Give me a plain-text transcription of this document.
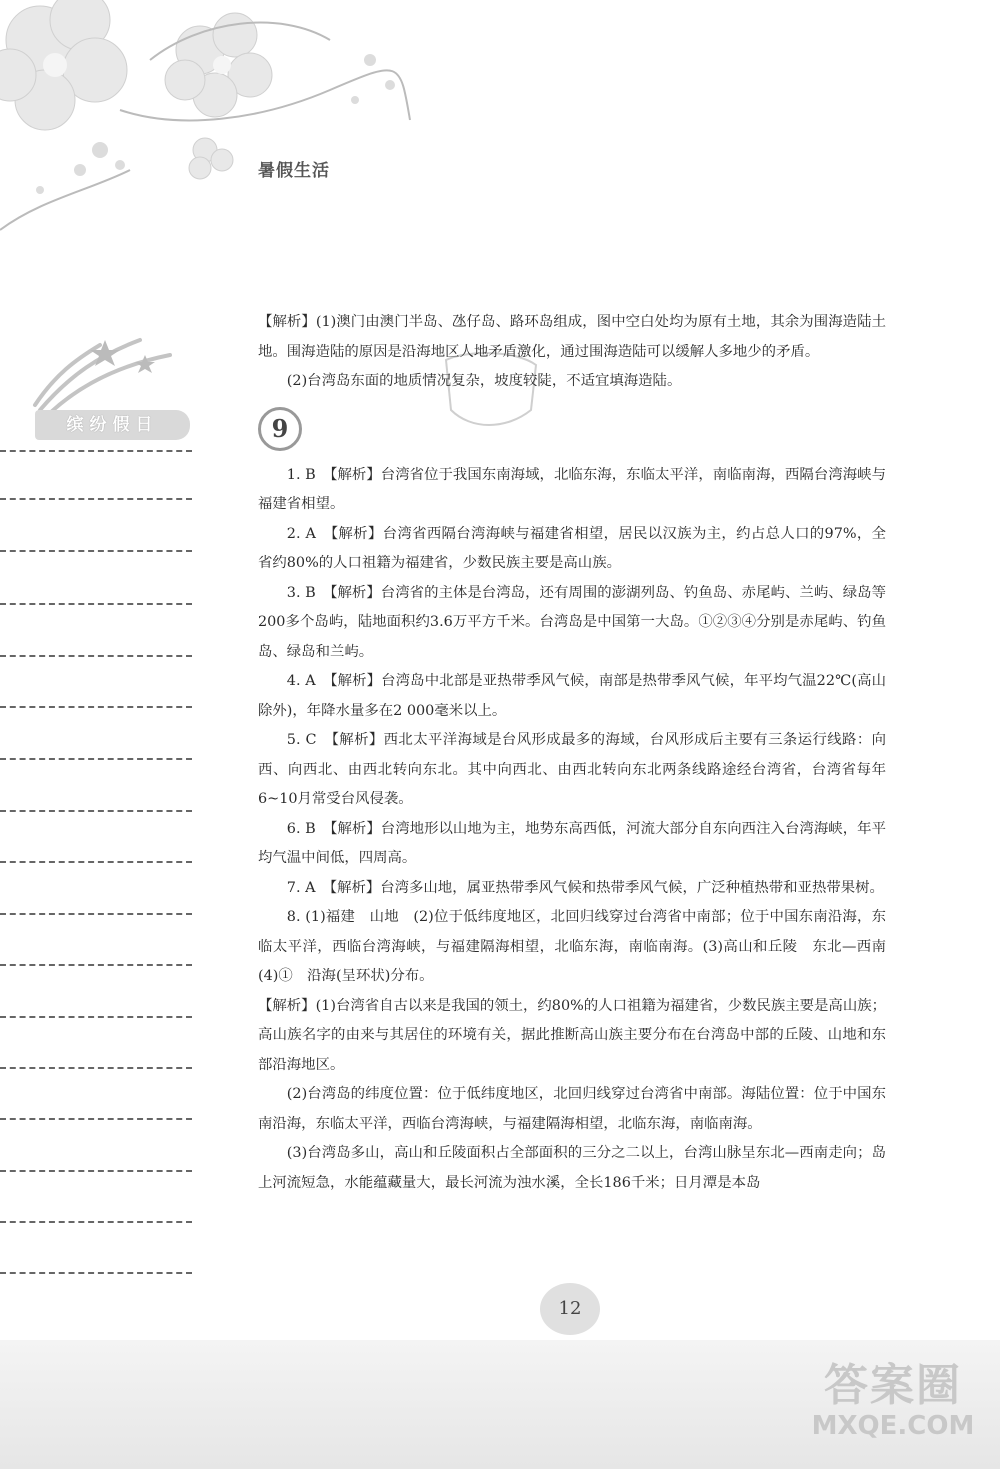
暑假生活
缤纷假日

【解析】(1)澳门由澳门半岛、氹仔岛、路环岛组成，图中空白处均为原有土地，其余为围海造陆土地。围海造陆的原因是沿海地区人地矛盾激化，通过围海造陆可以缓解人多地少的矛盾。

(2)台湾岛东面的地质情况复杂，坡度较陡，不适宜填海造陆。

9

1. B　【解析】台湾省位于我国东南海域，北临东海，东临太平洋，南临南海，西隔台湾海峡与福建省相望。

2. A　【解析】台湾省西隔台湾海峡与福建省相望，居民以汉族为主，约占总人口的97%，全省约80%的人口祖籍为福建省，少数民族主要是高山族。

3. B　【解析】台湾省的主体是台湾岛，还有周围的澎湖列岛、钓鱼岛、赤尾屿、兰屿、绿岛等200多个岛屿，陆地面积约3.6万平方千米。台湾岛是中国第一大岛。①②③④分别是赤尾屿、钓鱼岛、绿岛和兰屿。

4. A　【解析】台湾岛中北部是亚热带季风气候，南部是热带季风气候，年平均气温22℃(高山除外)，年降水量多在2 000毫米以上。

5. C　【解析】西北太平洋海域是台风形成最多的海域，台风形成后主要有三条运行线路：向西、向西北、由西北转向东北。其中向西北、由西北转向东北两条线路途经台湾省，台湾省每年6~10月常受台风侵袭。

6. B　【解析】台湾地形以山地为主，地势东高西低，河流大部分自东向西注入台湾海峡，年平均气温中间低，四周高。

7. A　【解析】台湾多山地，属亚热带季风气候和热带季风气候，广泛种植热带和亚热带果树。

8. (1)福建　山地　(2)位于低纬度地区，北回归线穿过台湾省中南部；位于中国东南沿海，东临太平洋，西临台湾海峡，与福建隔海相望，北临东海，南临南海。(3)高山和丘陵　东北—西南　(4)①　沿海(呈环状)分布。

【解析】(1)台湾省自古以来是我国的领土，约80%的人口祖籍为福建省，少数民族主要是高山族；高山族名字的由来与其居住的环境有关，据此推断高山族主要分布在台湾岛中部的丘陵、山地和东部沿海地区。

(2)台湾岛的纬度位置：位于低纬度地区，北回归线穿过台湾省中南部。海陆位置：位于中国东南沿海，东临太平洋，西临台湾海峡，与福建隔海相望，北临东海，南临南海。

(3)台湾岛多山，高山和丘陵面积占全部面积的三分之二以上，台湾山脉呈东北—西南走向；岛上河流短急，水能蕴藏量大，最长河流为浊水溪，全长186千米；日月潭是本岛

12
答案圈
MXQE.COM
